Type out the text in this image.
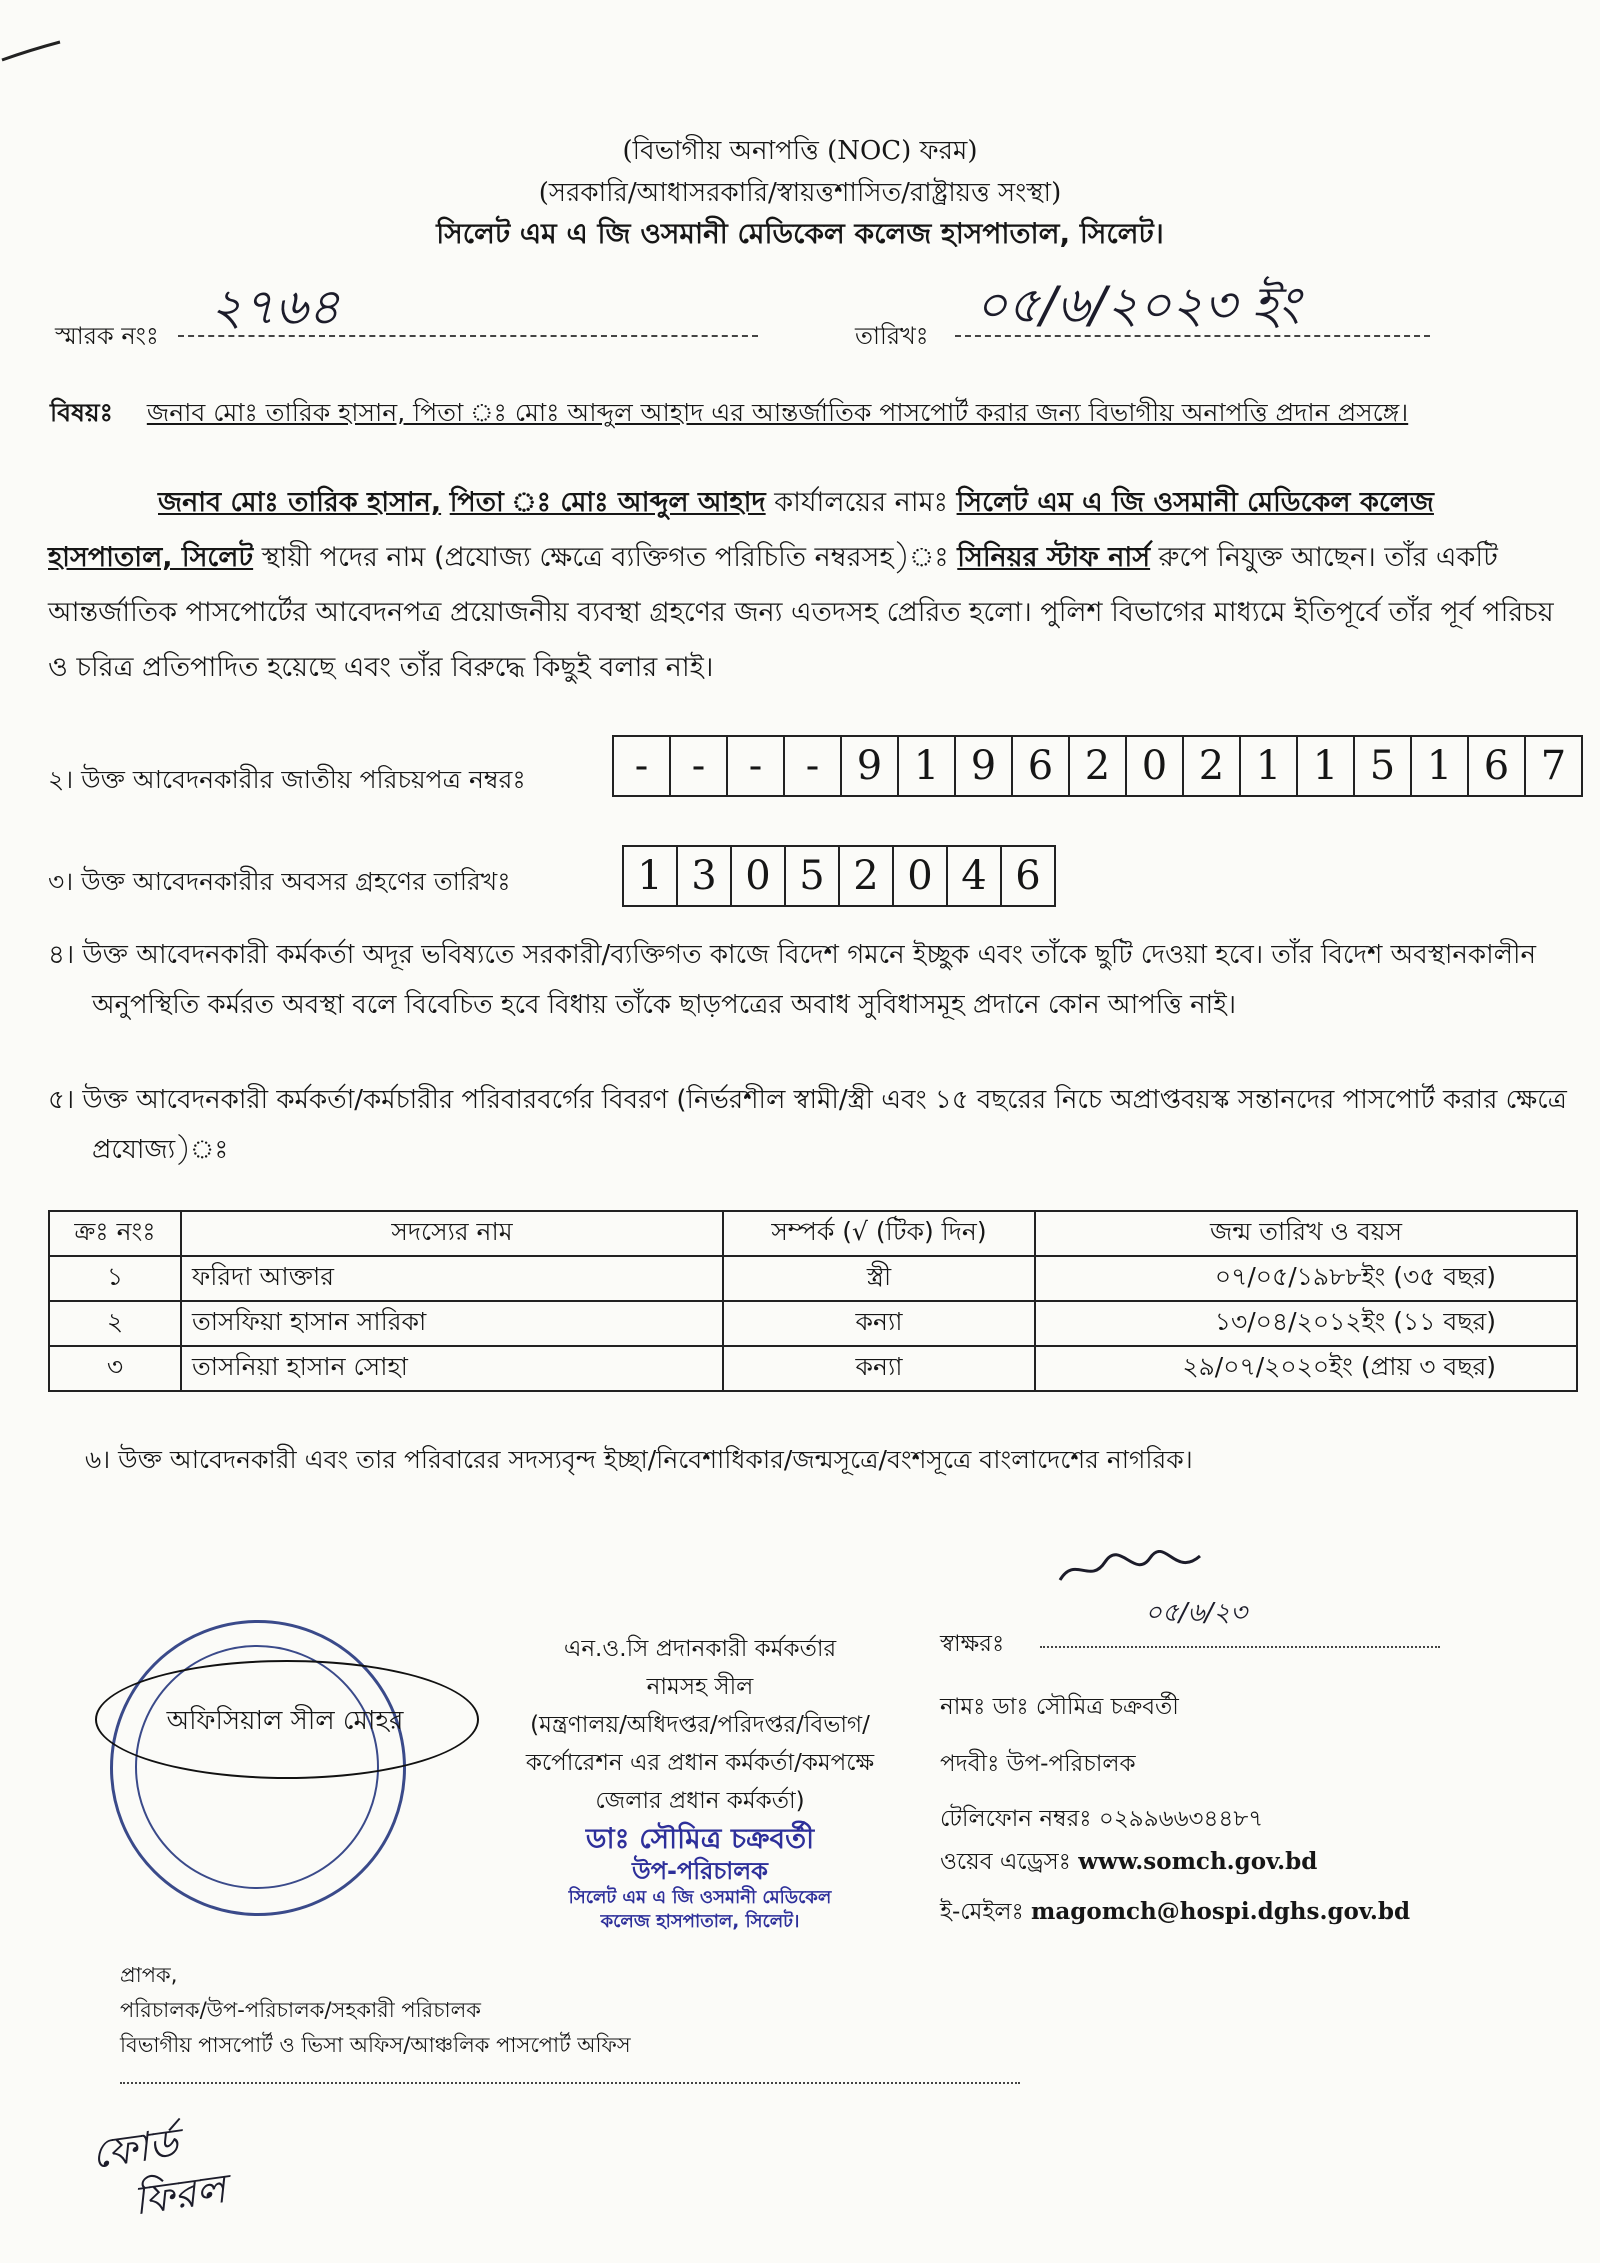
(বিভাগীয় অনাপত্তি (NOC) ফরম)
(সরকারি/আধাসরকারি/স্বায়ত্তশাসিত/রাষ্ট্রায়ত্ত সংস্থা)
সিলেট এম এ জি ওসমানী মেডিকেল কলেজ হাসপাতাল, সিলেট।
স্মারক নংঃ ২৭৬৪	তারিখঃ
০৫/৬/২০২৩ ইং
বিষয়ঃ জনাব মোঃ তারিক হাসান, পিতা ঃ মোঃ আব্দুল আহাদ এর আন্তর্জাতিক পাসপোর্ট করার জন্য বিভাগীয় অনাপত্তি প্রদান প্রসঙ্গে।
জনাব মোঃ তারিক হাসান, পিতা ঃ মোঃ আব্দুল আহাদ কার্যালয়ের নামঃ সিলেট এম এ জি ওসমানী মেডিকেল কলেজ হাসপাতাল, সিলেট স্থায়ী পদের নাম (প্রযোজ্য ক্ষেত্রে ব্যক্তিগত পরিচিতি নম্বরসহ)ঃ সিনিয়র স্টাফ নার্স রুপে নিযুক্ত আছেন। তাঁর একটি আন্তর্জাতিক পাসপোর্টের আবেদনপত্র প্রয়োজনীয় ব্যবস্থা গ্রহণের জন্য এতদসহ প্রেরিত হলো। পুলিশ বিভাগের মাধ্যমে ইতিপূর্বে তাঁর পূর্ব পরিচয় ও চরিত্র প্রতিপাদিত হয়েছে এবং তাঁর বিরুদ্ধে কিছুই বলার নাই।
২। উক্ত আবেদনকারীর জাতীয় পরিচয়পত্র নম্বরঃ	-	-	-	- 9 1 9 6 2 0 2 1 1 5 1 6 7
৩। উক্ত আবেদনকারীর অবসর গ্রহণের তারিখঃ	1 3 0 5 2 0 4 6
৪। উক্ত আবেদনকারী কর্মকর্তা অদূর ভবিষ্যতে সরকারী/ব্যক্তিগত কাজে বিদেশ গমনে ইচ্ছুক এবং তাঁকে ছুটি দেওয়া হবে। তাঁর বিদেশ অবস্থানকালীন অনুপস্থিতি কর্মরত অবস্থা বলে বিবেচিত হবে বিধায় তাঁকে ছাড়পত্রের অবাধ সুবিধাসমূহ প্রদানে কোন আপত্তি নাই।
৫। উক্ত আবেদনকারী কর্মকর্তা/কর্মচারীর পরিবারবর্গের বিবরণ (নির্ভরশীল স্বামী/স্ত্রী এবং ১৫ বছরের নিচে অপ্রাপ্তবয়স্ক সন্তানদের পাসপোর্ট করার ক্ষেত্রে প্রযোজ্য)ঃ
ক্রঃ নংঃ	সদস্যের নাম	সম্পর্ক (√ (টিক) দিন)	জন্ম তারিখ ও বয়স
১	ফরিদা আক্তার	স্ত্রী	০৭/০৫/১৯৮৮ইং (৩৫ বছর)
২	তাসফিয়া হাসান সারিকা	কন্যা	১৩/০৪/২০১২ইং (১১ বছর)
৩	তাসনিয়া হাসান সোহা	কন্যা	২৯/০৭/২০২০ইং (প্রায় ৩ বছর)
৬। উক্ত আবেদনকারী এবং তার পরিবারের সদস্যবৃন্দ ইচ্ছা/নিবেশাধিকার/জন্মসূত্রে/বংশসূত্রে বাংলাদেশের নাগরিক।
অফিসিয়াল সীল মোহর
এন.ও.সি প্রদানকারী কর্মকর্তার
নামসহ সীল
(মন্ত্রণালয়/অধিদপ্তর/পরিদপ্তর/বিভাগ/
কর্পোরেশন এর প্রধান কর্মকর্তা/কমপক্ষে
জেলার প্রধান কর্মকর্তা)
ডাঃ সৌমিত্র চক্রবর্তী
উপ-পরিচালক
সিলেট এম এ জি ওসমানী মেডিকেল
কলেজ হাসপাতাল, সিলেট।
০৫/৬/২৩
স্বাক্ষরঃ
নামঃ ডাঃ সৌমিত্র চক্রবর্তী
পদবীঃ উপ-পরিচালক
টেলিফোন নম্বরঃ ০২৯৯৬৬৩৪৪৮৭
ওয়েব এড্রেসঃ www.somch.gov.bd
ই-মেইলঃ magomch@hospi.dghs.gov.bd
প্রাপক,
পরিচালক/উপ-পরিচালক/সহকারী পরিচালক
বিভাগীয় পাসপোর্ট ও ভিসা অফিস/আঞ্চলিক পাসপোর্ট অফিস
ফোর্ড
ফিরল
